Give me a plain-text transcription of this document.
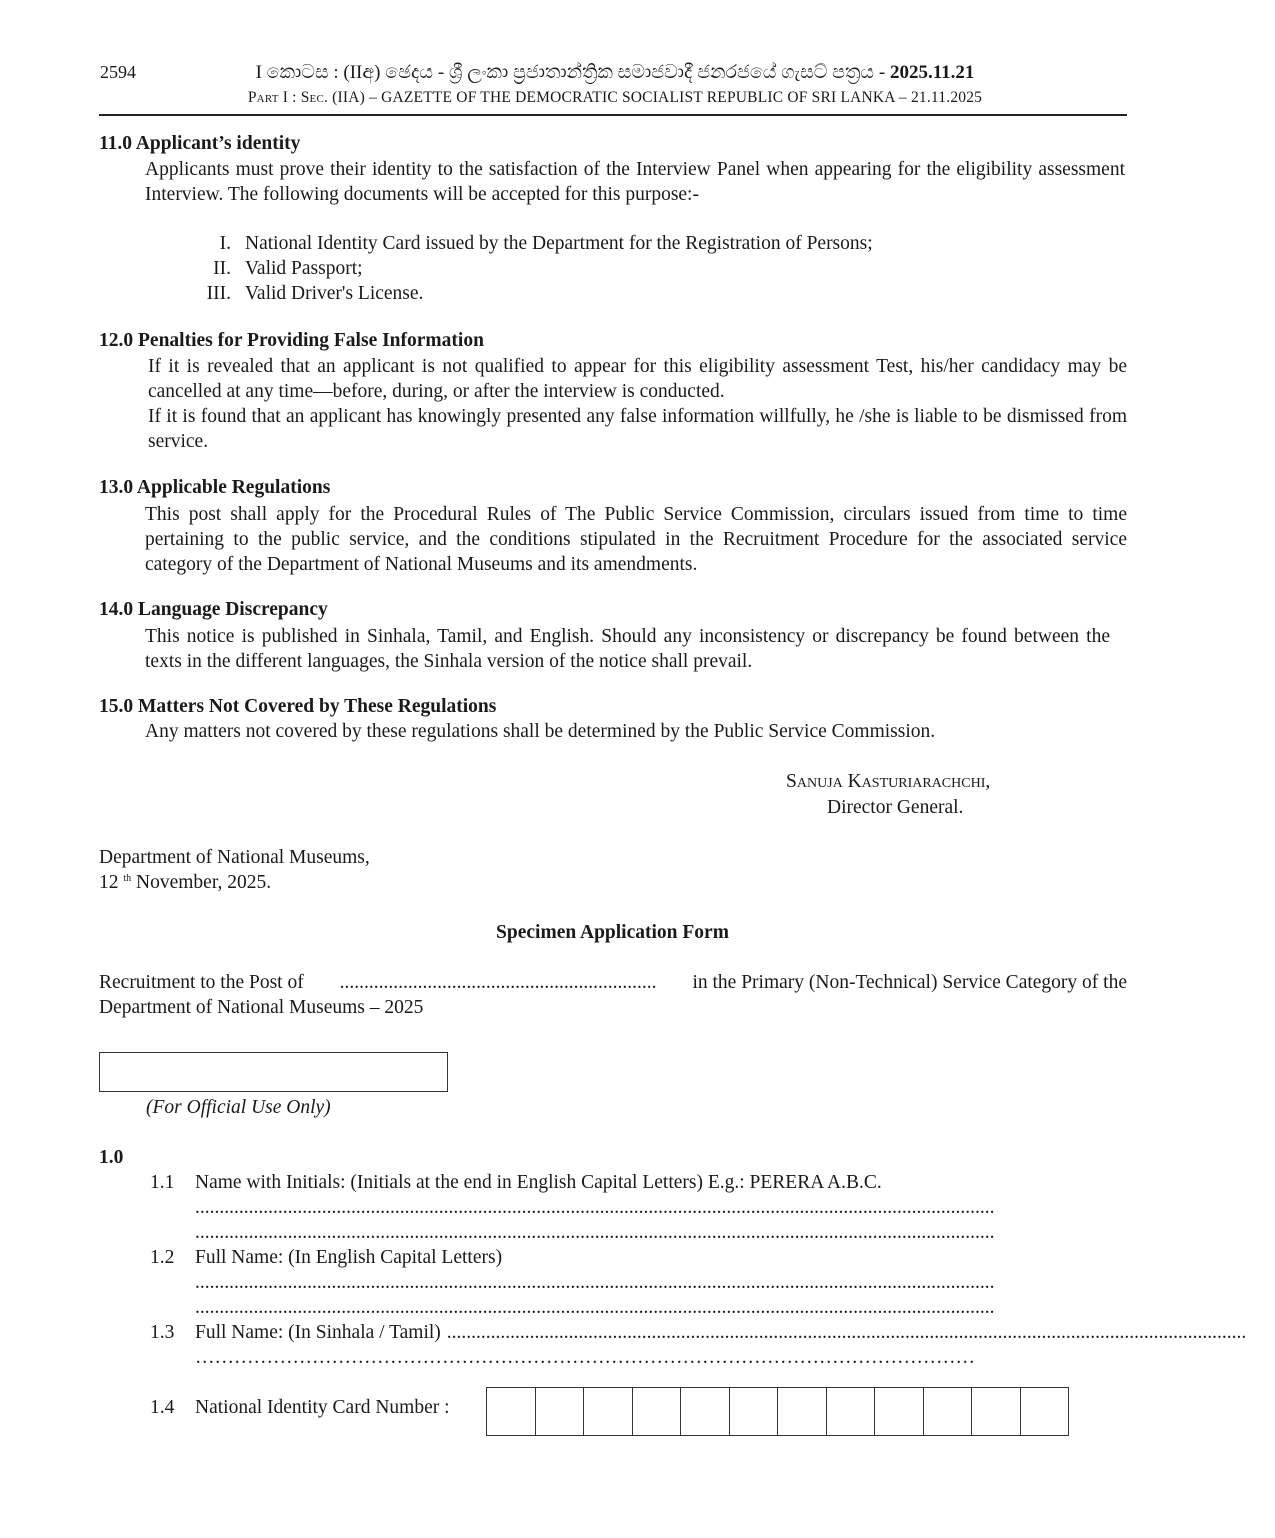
2594	I කොටස : (IIඅ) ඡෙදය - ශ්‍රී ලංකා ප්‍රජාතාන්ත්‍රික සමාජවාදී ජනරජයේ ගැසට් පත්‍රය - 2025.11.21
Part I : Sec. (IIA) – GAZETTE OF THE DEMOCRATIC SOCIALIST REPUBLIC OF SRI LANKA – 21.11.2025
11.0 Applicant’s identity
Applicants must prove their identity to the satisfaction of the Interview Panel when appearing for the eligibility assessment Interview. The following documents will be accepted for this purpose:-
I. National Identity Card issued by the Department for the Registration of Persons;
II. Valid Passport;
III. Valid Driver's License.
12.0 Penalties for Providing False Information
If it is revealed that an applicant is not qualified to appear for this eligibility assessment Test, his/her candidacy may be cancelled at any time—before, during, or after the interview is conducted.
If it is found that an applicant has knowingly presented any false information willfully, he /she is liable to be dismissed from service.
13.0 Applicable Regulations
This post shall apply for the Procedural Rules of The Public Service Commission, circulars issued from time to time pertaining to the public service, and the conditions stipulated in the Recruitment Procedure for the associated service category of the Department of National Museums and its amendments.
14.0 Language Discrepancy
This notice is published in Sinhala, Tamil, and English. Should any inconsistency or discrepancy be found between the texts in the different languages, the Sinhala version of the notice shall prevail.
15.0 Matters Not Covered by These Regulations
Any matters not covered by these regulations shall be determined by the Public Service Commission.
Sanuja Kasturiarachchi,
Director General.
Department of National Museums,
12 $^{th}$ November, 2025.
Specimen Application Form
Recruitment to the Post of ................................................................. in the Primary (Non-Technical) Service Category of the
Department of National Museums – 2025
(For Official Use Only)
1.0
1.1 Name with Initials: (Initials at the end in English Capital Letters) E.g.: PERERA A.B.C.
....................................................................................................................................................................
....................................................................................................................................................................
1.2 Full Name: (In English Capital Letters)
....................................................................................................................................................................
....................................................................................................................................................................
1.3 Full Name: (In Sinhala / Tamil) ....................................................................................................................................................................
…………………………………………………………………………………………………………
1.4 National Identity Card Number :
